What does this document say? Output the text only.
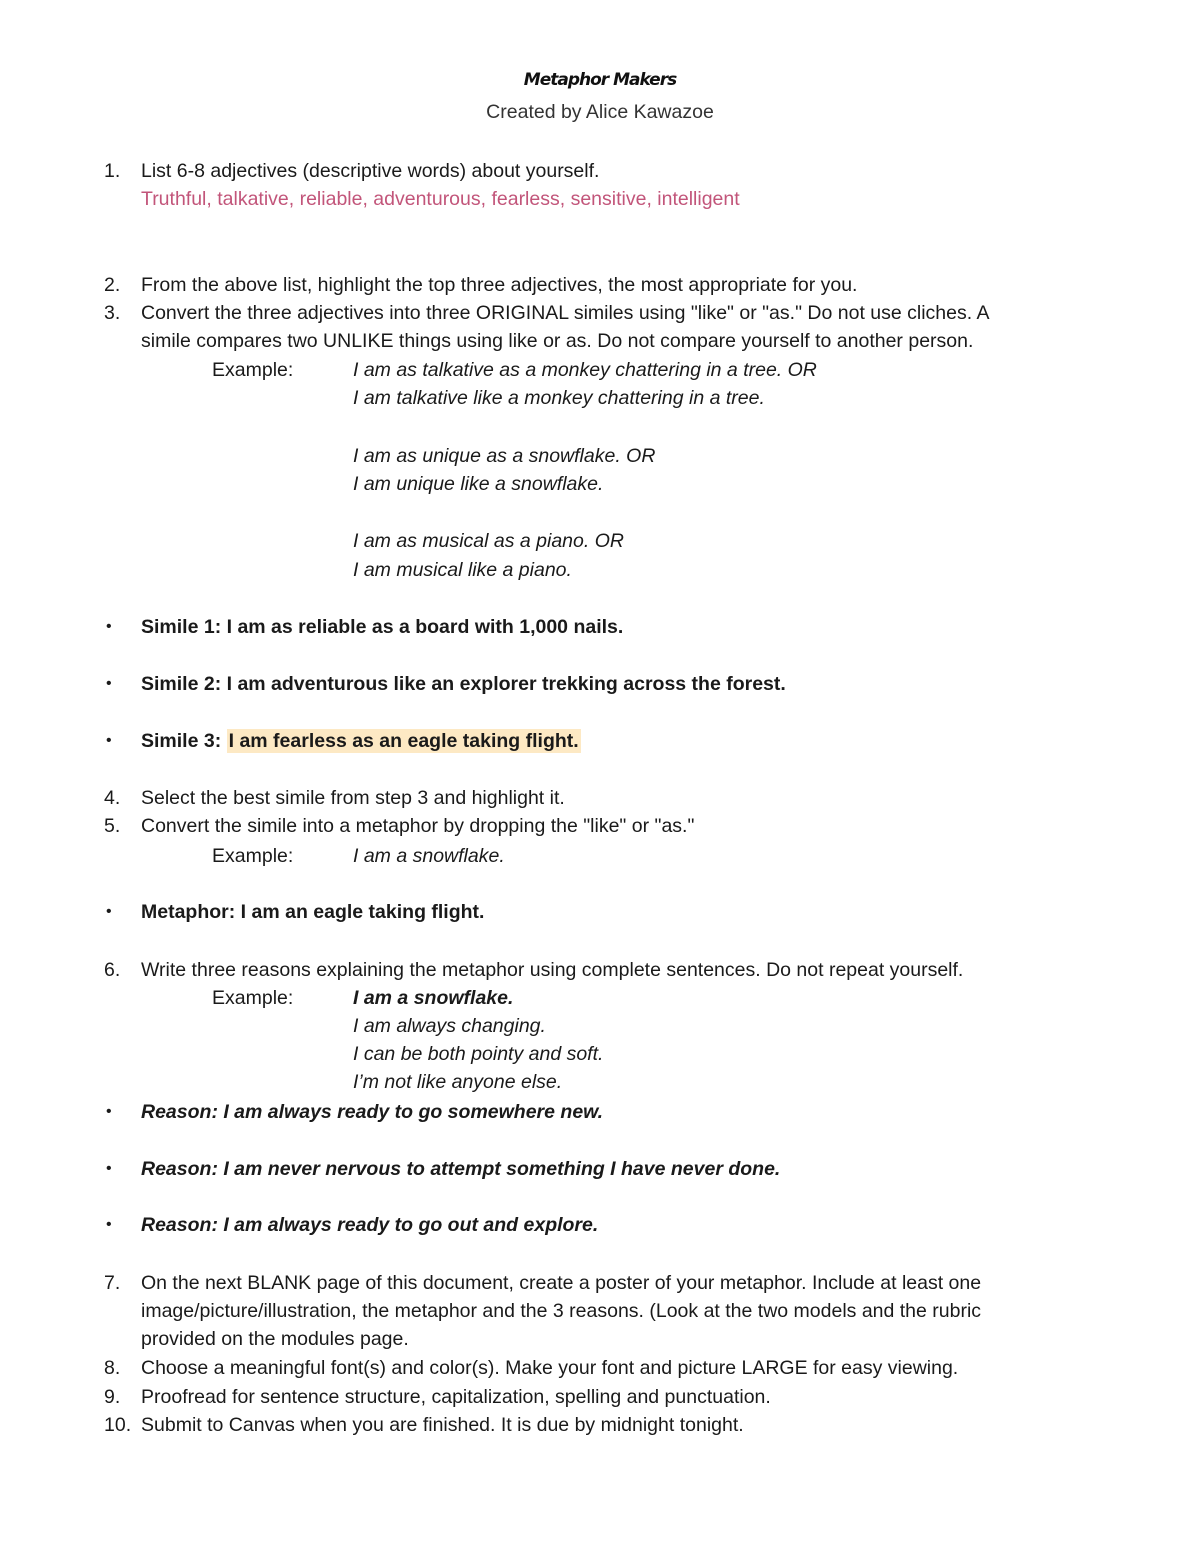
Metaphor Makers
Created by Alice Kawazoe
1. List 6-8 adjectives (descriptive words) about yourself.
Truthful, talkative, reliable, adventurous, fearless, sensitive, intelligent
2. From the above list, highlight the top three adjectives, the most appropriate for you.
3. Convert the three adjectives into three ORIGINAL similes using "like" or "as." Do not use cliches. A
simile compares two UNLIKE things using like or as. Do not compare yourself to another person.
Example:	I am as talkative as a monkey chattering in a tree. OR
I am talkative like a monkey chattering in a tree.
I am as unique as a snowflake. OR
I am unique like a snowflake.
I am as musical as a piano. OR
I am musical like a piano.
• Simile 1: I am as reliable as a board with 1,000 nails.
• Simile 2: I am adventurous like an explorer trekking across the forest.
• Simile 3: I am fearless as an eagle taking flight.
4. Select the best simile from step 3 and highlight it.
5. Convert the simile into a metaphor by dropping the "like" or "as."
Example:	I am a snowflake.
• Metaphor: I am an eagle taking flight.
6. Write three reasons explaining the metaphor using complete sentences. Do not repeat yourself.
Example:	I am a snowflake.
I am always changing.
I can be both pointy and soft.
I’m not like anyone else.
• Reason: I am always ready to go somewhere new.
• Reason: I am never nervous to attempt something I have never done.
• Reason: I am always ready to go out and explore.
7. On the next BLANK page of this document, create a poster of your metaphor. Include at least one
image/picture/illustration, the metaphor and the 3 reasons. (Look at the two models and the rubric
provided on the modules page.
8. Choose a meaningful font(s) and color(s). Make your font and picture LARGE for easy viewing.
9. Proofread for sentence structure, capitalization, spelling and punctuation.
10. Submit to Canvas when you are finished. It is due by midnight tonight.
